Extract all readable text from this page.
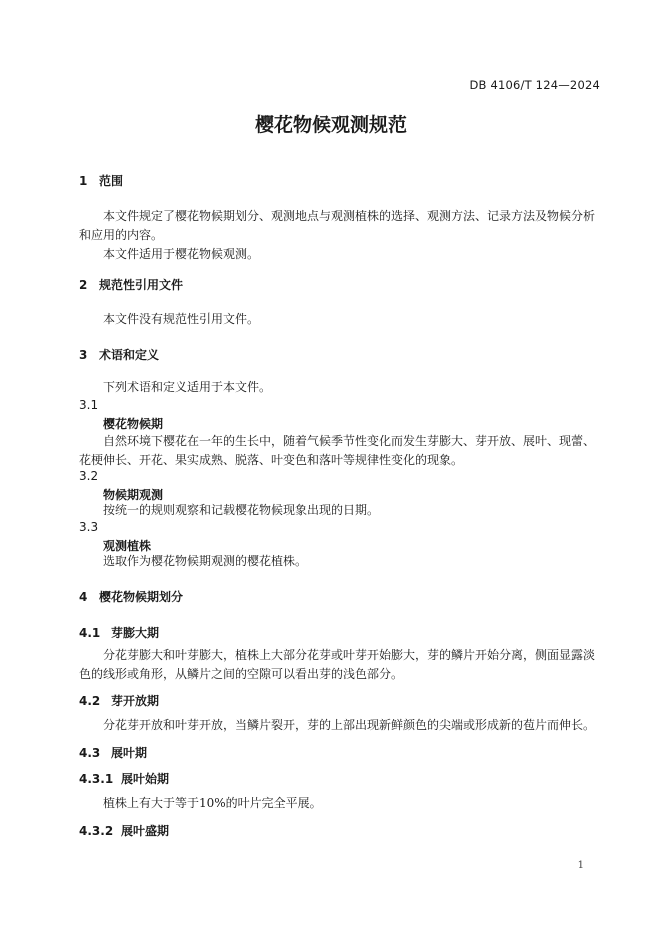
DB 4106/T 124—2024
樱花物候观测规范
1 范围
本文件规定了樱花物候期划分、观测地点与观测植株的选择、观测方法、记录方法及物候分析和应用的内容。
本文件适用于樱花物候观测。
2 规范性引用文件
本文件没有规范性引用文件。
3 术语和定义
下列术语和定义适用于本文件。
3.1
樱花物候期
自然环境下樱花在一年的生长中，随着气候季节性变化而发生芽膨大、芽开放、展叶、现蕾、花梗伸长、开花、果实成熟、脱落、叶变色和落叶等规律性变化的现象。
3.2
物候期观测
按统一的规则观察和记载樱花物候现象出现的日期。
3.3
观测植株
选取作为樱花物候期观测的樱花植株。
4 樱花物候期划分
4.1 芽膨大期
分花芽膨大和叶芽膨大，植株上大部分花芽或叶芽开始膨大，芽的鳞片开始分离，侧面显露淡色的线形或角形，从鳞片之间的空隙可以看出芽的浅色部分。
4.2 芽开放期
分花芽开放和叶芽开放，当鳞片裂开，芽的上部出现新鲜颜色的尖端或形成新的苞片而伸长。
4.3 展叶期
4.3.1 展叶始期
植株上有大于等于10%的叶片完全平展。
4.3.2 展叶盛期
1
